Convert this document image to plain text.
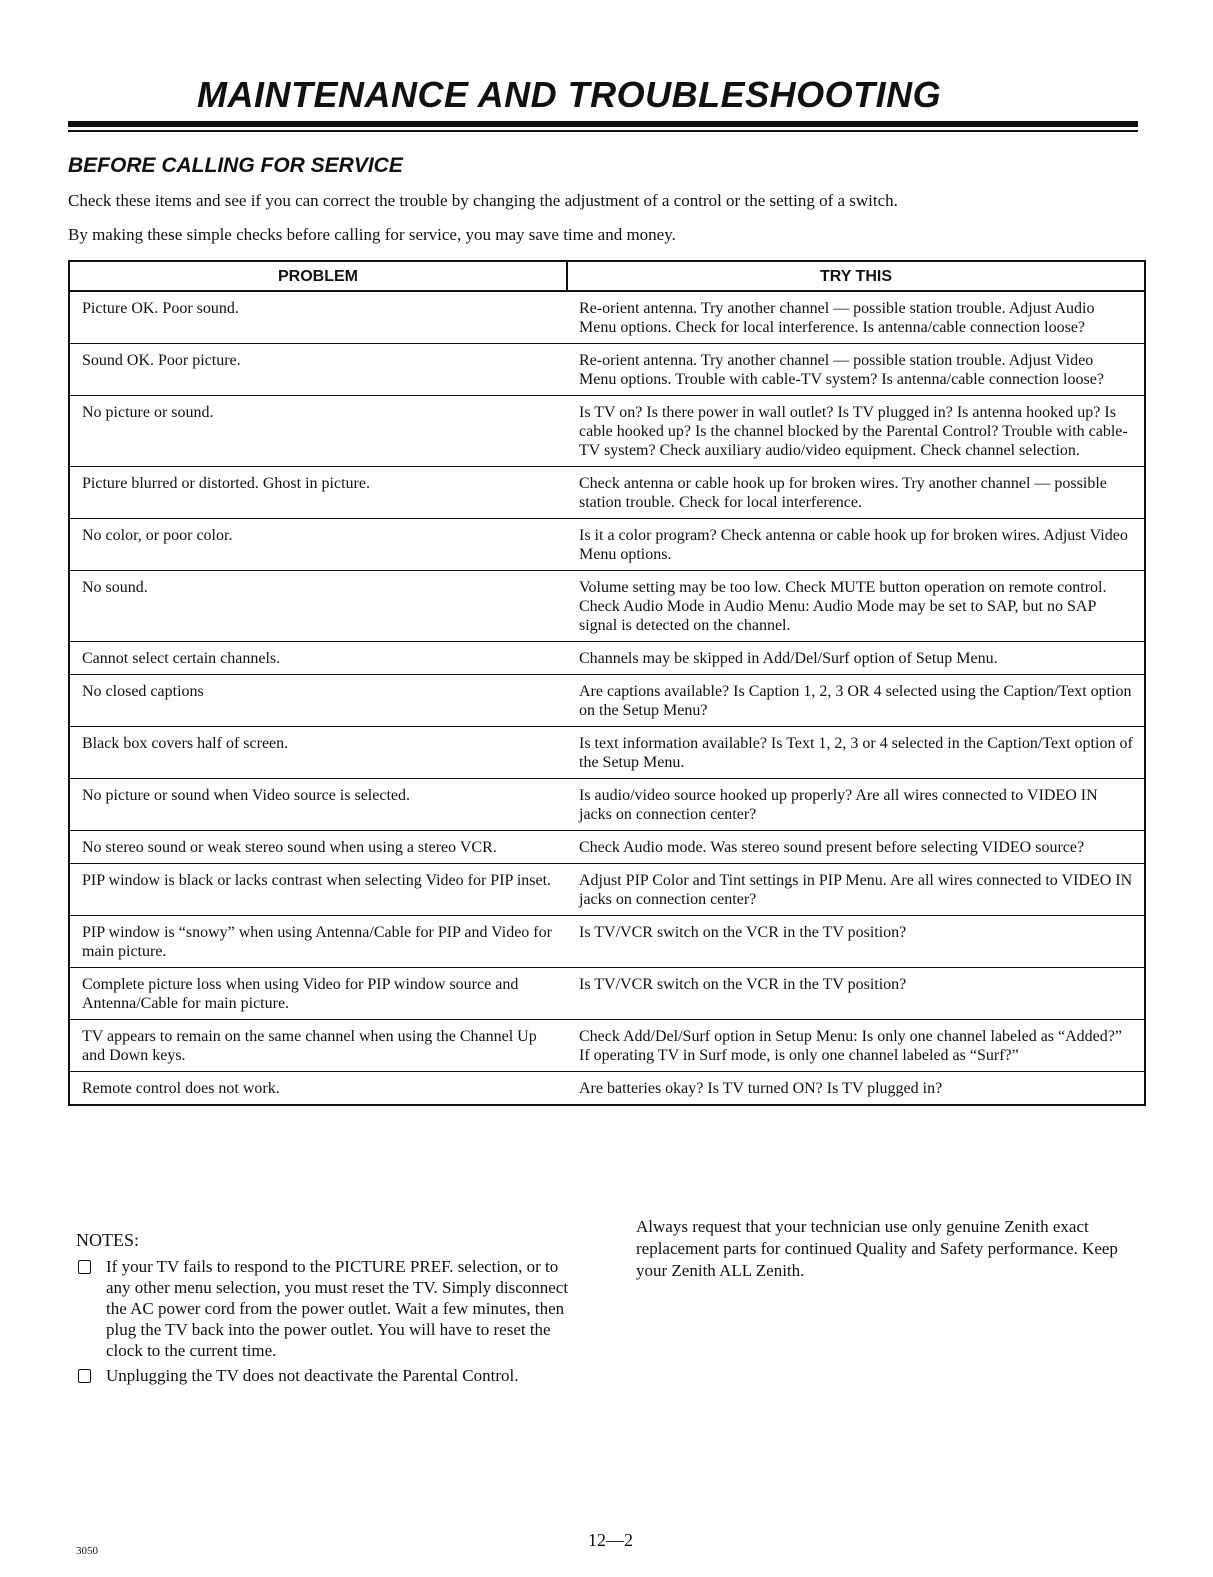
MAINTENANCE AND TROUBLESHOOTING
BEFORE CALLING FOR SERVICE

Check these items and see if you can correct the trouble by changing the adjustment of a control or the setting of a switch.

By making these simple checks before calling for service, you may save time and money.

PROBLEM	TRY THIS
Picture OK. Poor sound.	Re-orient antenna. Try another channel — possible station trouble. Adjust Audio Menu options. Check for local interference. Is antenna/cable connection loose?
Sound OK. Poor picture.	Re-orient antenna. Try another channel — possible station trouble. Adjust Video Menu options. Trouble with cable-TV system? Is antenna/cable connection loose?
No picture or sound.	Is TV on? Is there power in wall outlet? Is TV plugged in? Is antenna hooked up? Is cable hooked up? Is the channel blocked by the Parental Control? Trouble with cable-TV system? Check auxiliary audio/video equipment. Check channel selection.
Picture blurred or distorted. Ghost in picture.	Check antenna or cable hook up for broken wires. Try another channel — possible station trouble. Check for local interference.
No color, or poor color.	Is it a color program? Check antenna or cable hook up for broken wires. Adjust Video Menu options.
No sound.	Volume setting may be too low. Check MUTE button operation on remote control. Check Audio Mode in Audio Menu: Audio Mode may be set to SAP, but no SAP signal is detected on the channel.
Cannot select certain channels.	Channels may be skipped in Add/Del/Surf option of Setup Menu.
No closed captions	Are captions available? Is Caption 1, 2, 3 OR 4 selected using the Caption/Text option on the Setup Menu?
Black box covers half of screen.	Is text information available? Is Text 1, 2, 3 or 4 selected in the Caption/Text option of the Setup Menu.
No picture or sound when Video source is selected.	Is audio/video source hooked up properly? Are all wires connected to VIDEO IN jacks on connection center?
No stereo sound or weak stereo sound when using a stereo VCR.	Check Audio mode. Was stereo sound present before selecting VIDEO source?
PIP window is black or lacks contrast when selecting Video for PIP inset.	Adjust PIP Color and Tint settings in PIP Menu. Are all wires connected to VIDEO IN jacks on connection center?
PIP window is “snowy” when using Antenna/Cable for PIP and Video for main picture.	Is TV/VCR switch on the VCR in the TV position?
Complete picture loss when using Video for PIP window source and Antenna/Cable for main picture.	Is TV/VCR switch on the VCR in the TV position?
TV appears to remain on the same channel when using the Channel Up and Down keys.	Check Add/Del/Surf option in Setup Menu: Is only one channel labeled as “Added?” If operating TV in Surf mode, is only one channel labeled as “Surf?”
Remote control does not work.	Are batteries okay? Is TV turned ON? Is TV plugged in?

NOTES:

If your TV fails to respond to the PICTURE PREF. selection, or to any other menu selection, you must reset the TV. Simply disconnect the AC power cord from the power outlet. Wait a few minutes, then plug the TV back into the power outlet. You will have to reset the clock to the current time.
Unplugging the TV does not deactivate the Parental Control.

Always request that your technician use only genuine Zenith exact replacement parts for continued Quality and Safety performance. Keep your Zenith ALL Zenith.

12—2

3050
